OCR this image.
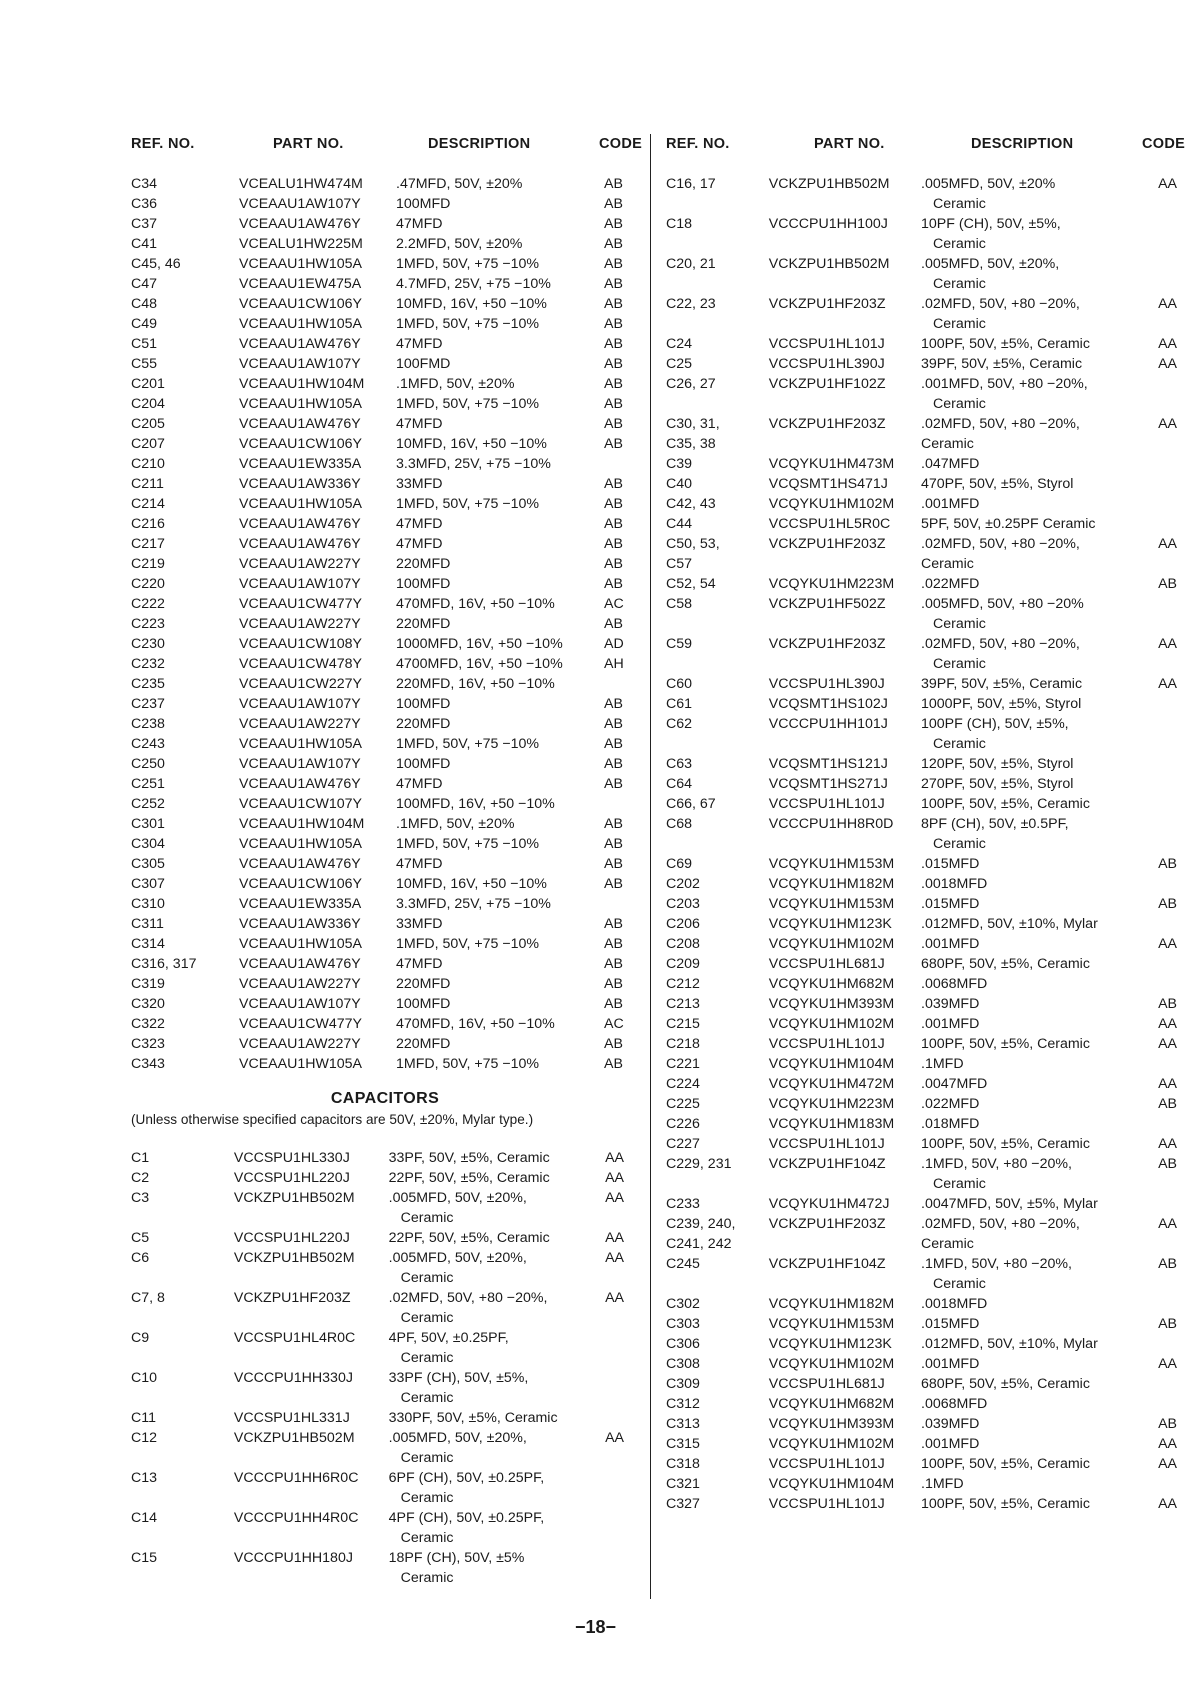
REF. NO.	PART NO.	DESCRIPTION	CODE
C34	VCEALU1HW474M	.47MFD, 50V, ±20%	AB
C36	VCEAAU1AW107Y	100MFD	AB
C37	VCEAAU1AW476Y	47MFD	AB
C41	VCEALU1HW225M	2.2MFD, 50V, ±20%	AB
C45, 46	VCEAAU1HW105A	1MFD, 50V, +75 −10%	AB
C47	VCEAAU1EW475A	4.7MFD, 25V, +75 −10%	AB
C48	VCEAAU1CW106Y	10MFD, 16V, +50 −10%	AB
C49	VCEAAU1HW105A	1MFD, 50V, +75 −10%	AB
C51	VCEAAU1AW476Y	47MFD	AB
C55	VCEAAU1AW107Y	100FMD	AB
C201	VCEAAU1HW104M	.1MFD, 50V, ±20%	AB
C204	VCEAAU1HW105A	1MFD, 50V, +75 −10%	AB
C205	VCEAAU1AW476Y	47MFD	AB
C207	VCEAAU1CW106Y	10MFD, 16V, +50 −10%	AB
C210	VCEAAU1EW335A	3.3MFD, 25V, +75 −10%	
C211	VCEAAU1AW336Y	33MFD	AB
C214	VCEAAU1HW105A	1MFD, 50V, +75 −10%	AB
C216	VCEAAU1AW476Y	47MFD	AB
C217	VCEAAU1AW476Y	47MFD	AB
C219	VCEAAU1AW227Y	220MFD	AB
C220	VCEAAU1AW107Y	100MFD	AB
C222	VCEAAU1CW477Y	470MFD, 16V, +50 −10%	AC
C223	VCEAAU1AW227Y	220MFD	AB
C230	VCEAAU1CW108Y	1000MFD, 16V, +50 −10%	AD
C232	VCEAAU1CW478Y	4700MFD, 16V, +50 −10%	AH
C235	VCEAAU1CW227Y	220MFD, 16V, +50 −10%	
C237	VCEAAU1AW107Y	100MFD	AB
C238	VCEAAU1AW227Y	220MFD	AB
C243	VCEAAU1HW105A	1MFD, 50V, +75 −10%	AB
C250	VCEAAU1AW107Y	100MFD	AB
C251	VCEAAU1AW476Y	47MFD	AB
C252	VCEAAU1CW107Y	100MFD, 16V, +50 −10%	
C301	VCEAAU1HW104M	.1MFD, 50V, ±20%	AB
C304	VCEAAU1HW105A	1MFD, 50V, +75 −10%	AB
C305	VCEAAU1AW476Y	47MFD	AB
C307	VCEAAU1CW106Y	10MFD, 16V, +50 −10%	AB
C310	VCEAAU1EW335A	3.3MFD, 25V, +75 −10%	
C311	VCEAAU1AW336Y	33MFD	AB
C314	VCEAAU1HW105A	1MFD, 50V, +75 −10%	AB
C316, 317	VCEAAU1AW476Y	47MFD	AB
C319	VCEAAU1AW227Y	220MFD	AB
C320	VCEAAU1AW107Y	100MFD	AB
C322	VCEAAU1CW477Y	470MFD, 16V, +50 −10%	AC
C323	VCEAAU1AW227Y	220MFD	AB
C343	VCEAAU1HW105A	1MFD, 50V, +75 −10%	AB
CAPACITORS
(Unless otherwise specified capacitors are 50V, ±20%, Mylar type.)
C1	VCCSPU1HL330J	33PF, 50V, ±5%, Ceramic	AA
C2	VCCSPU1HL220J	22PF, 50V, ±5%, Ceramic	AA
C3	VCKZPU1HB502M	.005MFD, 50V, ±20%,	AA
		Ceramic	
C5	VCCSPU1HL220J	22PF, 50V, ±5%, Ceramic	AA
C6	VCKZPU1HB502M	.005MFD, 50V, ±20%,	AA
		Ceramic	
C7, 8	VCKZPU1HF203Z	.02MFD, 50V, +80 −20%,	AA
		Ceramic	
C9	VCCSPU1HL4R0C	4PF, 50V, ±0.25PF,	
		Ceramic	
C10	VCCCPU1HH330J	33PF (CH), 50V, ±5%,	
		Ceramic	
C11	VCCSPU1HL331J	330PF, 50V, ±5%, Ceramic	
C12	VCKZPU1HB502M	.005MFD, 50V, ±20%,	AA
		Ceramic	
C13	VCCCPU1HH6R0C	6PF (CH), 50V, ±0.25PF,	
		Ceramic	
C14	VCCCPU1HH4R0C	4PF (CH), 50V, ±0.25PF,	
		Ceramic	
C15	VCCCPU1HH180J	18PF (CH), 50V, ±5%	
		Ceramic	
REF. NO.	PART NO.	DESCRIPTION	CODE
C16, 17	VCKZPU1HB502M	.005MFD, 50V, ±20%	AA
		Ceramic	
C18	VCCCPU1HH100J	10PF (CH), 50V, ±5%,	
		Ceramic	
C20, 21	VCKZPU1HB502M	.005MFD, 50V, ±20%,	
		Ceramic	
C22, 23	VCKZPU1HF203Z	.02MFD, 50V, +80 −20%,	AA
		Ceramic	
C24	VCCSPU1HL101J	100PF, 50V, ±5%, Ceramic	AA
C25	VCCSPU1HL390J	39PF, 50V, ±5%, Ceramic	AA
C26, 27	VCKZPU1HF102Z	.001MFD, 50V, +80 −20%,	
		Ceramic	
C30, 31,	VCKZPU1HF203Z	.02MFD, 50V, +80 −20%,	AA
C35, 38		Ceramic	
C39	VCQYKU1HM473M	.047MFD	
C40	VCQSMT1HS471J	470PF, 50V, ±5%, Styrol	
C42, 43	VCQYKU1HM102M	.001MFD	
C44	VCCSPU1HL5R0C	5PF, 50V, ±0.25PF Ceramic	
C50, 53,	VCKZPU1HF203Z	.02MFD, 50V, +80 −20%,	AA
C57		Ceramic	
C52, 54	VCQYKU1HM223M	.022MFD	AB
C58	VCKZPU1HF502Z	.005MFD, 50V, +80 −20%	
		Ceramic	
C59	VCKZPU1HF203Z	.02MFD, 50V, +80 −20%,	AA
		Ceramic	
C60	VCCSPU1HL390J	39PF, 50V, ±5%, Ceramic	AA
C61	VCQSMT1HS102J	1000PF, 50V, ±5%, Styrol	
C62	VCCCPU1HH101J	100PF (CH), 50V, ±5%,	
		Ceramic	
C63	VCQSMT1HS121J	120PF, 50V, ±5%, Styrol	
C64	VCQSMT1HS271J	270PF, 50V, ±5%, Styrol	
C66, 67	VCCSPU1HL101J	100PF, 50V, ±5%, Ceramic	
C68	VCCCPU1HH8R0D	8PF (CH), 50V, ±0.5PF,	
		Ceramic	
C69	VCQYKU1HM153M	.015MFD	AB
C202	VCQYKU1HM182M	.0018MFD	
C203	VCQYKU1HM153M	.015MFD	AB
C206	VCQYKU1HM123K	.012MFD, 50V, ±10%, Mylar	
C208	VCQYKU1HM102M	.001MFD	AA
C209	VCCSPU1HL681J	680PF, 50V, ±5%, Ceramic	
C212	VCQYKU1HM682M	.0068MFD	
C213	VCQYKU1HM393M	.039MFD	AB
C215	VCQYKU1HM102M	.001MFD	AA
C218	VCCSPU1HL101J	100PF, 50V, ±5%, Ceramic	AA
C221	VCQYKU1HM104M	.1MFD	
C224	VCQYKU1HM472M	.0047MFD	AA
C225	VCQYKU1HM223M	.022MFD	AB
C226	VCQYKU1HM183M	.018MFD	
C227	VCCSPU1HL101J	100PF, 50V, ±5%, Ceramic	AA
C229, 231	VCKZPU1HF104Z	.1MFD, 50V, +80 −20%,	AB
		Ceramic	
C233	VCQYKU1HM472J	.0047MFD, 50V, ±5%, Mylar	
C239, 240,	VCKZPU1HF203Z	.02MFD, 50V, +80 −20%,	AA
C241, 242		Ceramic	
C245	VCKZPU1HF104Z	.1MFD, 50V, +80 −20%,	AB
		Ceramic	
C302	VCQYKU1HM182M	.0018MFD	
C303	VCQYKU1HM153M	.015MFD	AB
C306	VCQYKU1HM123K	.012MFD, 50V, ±10%, Mylar	
C308	VCQYKU1HM102M	.001MFD	AA
C309	VCCSPU1HL681J	680PF, 50V, ±5%, Ceramic	
C312	VCQYKU1HM682M	.0068MFD	
C313	VCQYKU1HM393M	.039MFD	AB
C315	VCQYKU1HM102M	.001MFD	AA
C318	VCCSPU1HL101J	100PF, 50V, ±5%, Ceramic	AA
C321	VCQYKU1HM104M	.1MFD	
C327	VCCSPU1HL101J	100PF, 50V, ±5%, Ceramic	AA
−18−
